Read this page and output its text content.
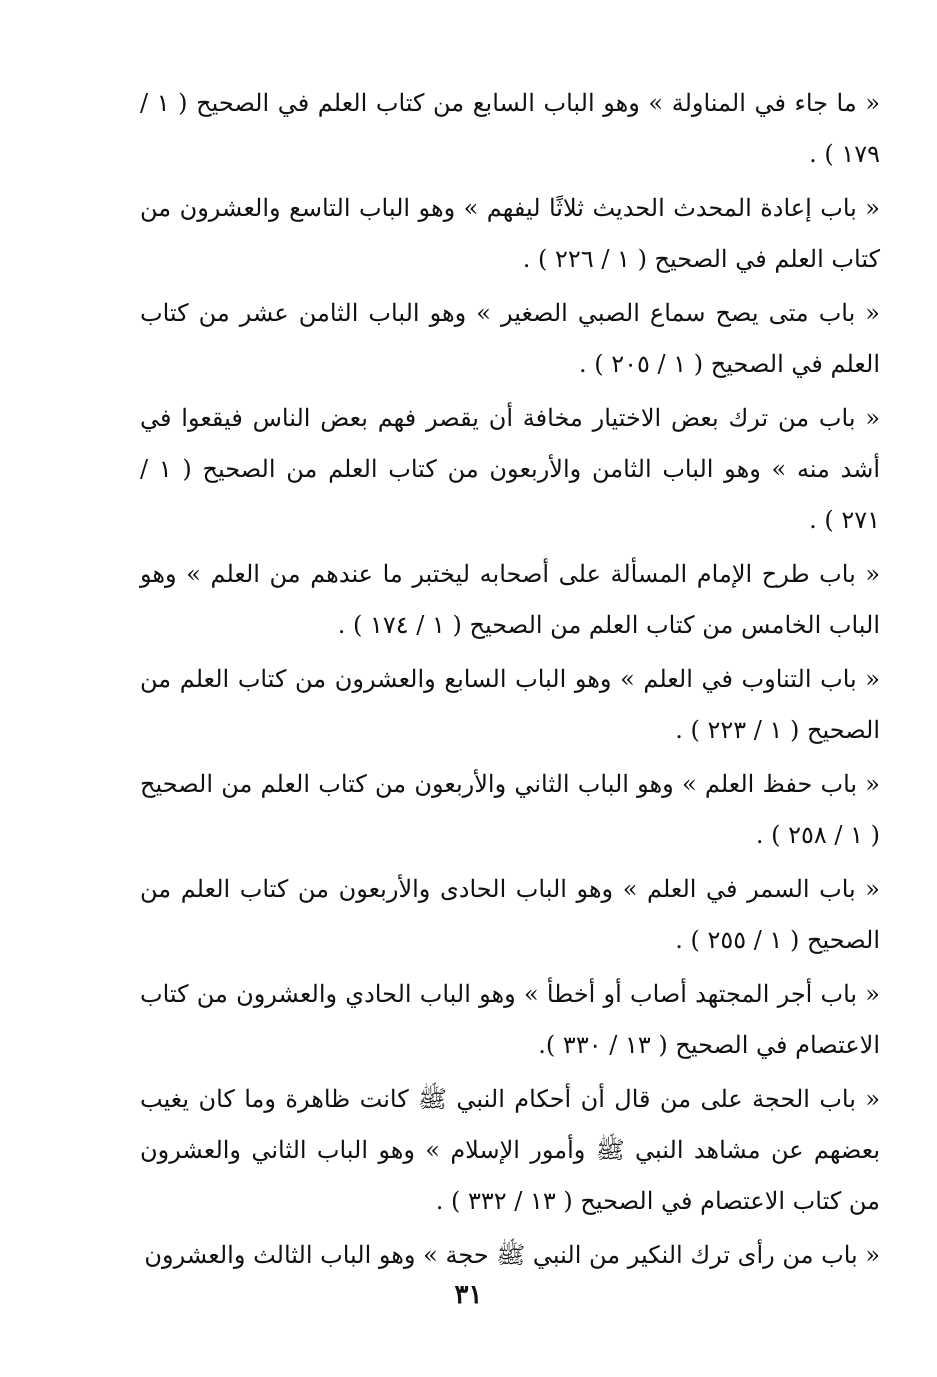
« ما جاء في المناولة » وهو الباب السابع من كتاب العلم في الصحيح ( ١ / ١٧٩ ) .

« باب إعادة المحدث الحديث ثلاثًا ليفهم » وهو الباب التاسع والعشرون من كتاب العلم في الصحيح ( ١ / ٢٢٦ ) .

« باب متى يصح سماع الصبي الصغير » وهو الباب الثامن عشر من كتاب العلم في الصحيح ( ١ / ٢٠٥ ) .

« باب من ترك بعض الاختيار مخافة أن يقصر فهم بعض الناس فيقعوا في أشد منه » وهو الباب الثامن والأربعون من كتاب العلم من الصحيح ( ١ / ٢٧١ ) .

« باب طرح الإمام المسألة على أصحابه ليختبر ما عندهم من العلم » وهو الباب الخامس من كتاب العلم من الصحيح ( ١ / ١٧٤ ) .

« باب التناوب في العلم » وهو الباب السابع والعشرون من كتاب العلم من الصحيح ( ١ / ٢٢٣ ) .

« باب حفظ العلم » وهو الباب الثاني والأربعون من كتاب العلم من الصحيح ( ١ / ٢٥٨ ) .

« باب السمر في العلم » وهو الباب الحادى والأربعون من كتاب العلم من الصحيح ( ١ / ٢٥٥ ) .

« باب أجر المجتهد أصاب أو أخطأ » وهو الباب الحادي والعشرون من كتاب الاعتصام في الصحيح ( ١٣ / ٣٣٠ ).

« باب الحجة على من قال أن أحكام النبي ﷺ كانت ظاهرة وما كان يغيب بعضهم عن مشاهد النبي ﷺ وأمور الإسلام » وهو الباب الثاني والعشرون من كتاب الاعتصام في الصحيح ( ١٣ / ٣٣٢ ) .

« باب من رأى ترك النكير من النبي ﷺ حجة » وهو الباب الثالث والعشرون

٣١
